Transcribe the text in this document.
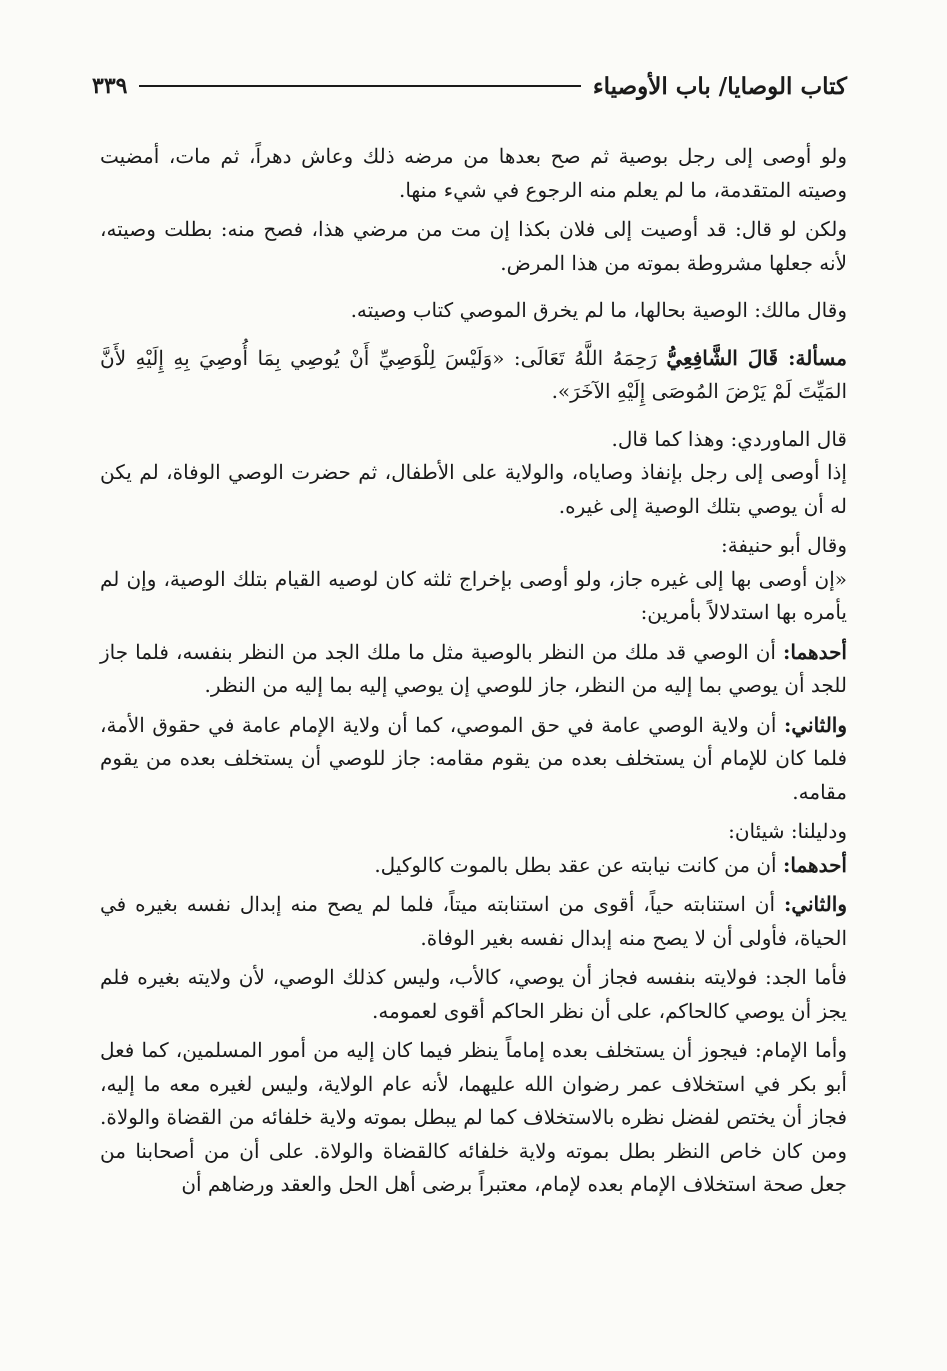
كتاب الوصايا/ باب الأوصياء
٣٣٩

ولو أوصى إلى رجل بوصية ثم صح بعدها من مرضه ذلك وعاش دهراً، ثم مات، أمضيت وصيته المتقدمة، ما لم يعلم منه الرجوع في شيء منها.

ولكن لو قال: قد أوصيت إلى فلان بكذا إن مت من مرضي هذا، فصح منه: بطلت وصيته، لأنه جعلها مشروطة بموته من هذا المرض.

وقال مالك: الوصية بحالها، ما لم يخرق الموصي كتاب وصيته.

مسألة: قَالَ الشَّافِعِيُّ رَحِمَهُ اللَّهُ تَعَالَى: «وَلَيْسَ لِلْوَصِيِّ أَنْ يُوصِي بِمَا أُوصِيَ بِهِ إِلَيْهِ لأَنَّ المَيِّتَ لَمْ يَرْضَ المُوصَى إِلَيْهِ الآخَرَ».

قال الماوردي: وهذا كما قال.

إذا أوصى إلى رجل بإنفاذ وصاياه، والولاية على الأطفال، ثم حضرت الوصي الوفاة، لم يكن له أن يوصي بتلك الوصية إلى غيره.

وقال أبو حنيفة:

«إن أوصى بها إلى غيره جاز، ولو أوصى بإخراج ثلثه كان لوصيه القيام بتلك الوصية، وإن لم يأمره بها استدلالاً بأمرين:

أحدهما: أن الوصي قد ملك من النظر بالوصية مثل ما ملك الجد من النظر بنفسه، فلما جاز للجد أن يوصي بما إليه من النظر، جاز للوصي إن يوصي إليه بما إليه من النظر.

والثاني: أن ولاية الوصي عامة في حق الموصي، كما أن ولاية الإمام عامة في حقوق الأمة، فلما كان للإمام أن يستخلف بعده من يقوم مقامه: جاز للوصي أن يستخلف بعده من يقوم مقامه.

ودليلنا: شيئان:

أحدهما: أن من كانت نيابته عن عقد بطل بالموت كالوكيل.

والثاني: أن استنابته حياً، أقوى من استنابته ميتاً، فلما لم يصح منه إبدال نفسه بغيره في الحياة، فأولى أن لا يصح منه إبدال نفسه بغير الوفاة.

فأما الجد: فولايته بنفسه فجاز أن يوصي، كالأب، وليس كذلك الوصي، لأن ولايته بغيره فلم يجز أن يوصي كالحاكم، على أن نظر الحاكم أقوى لعمومه.

وأما الإمام: فيجوز أن يستخلف بعده إماماً ينظر فيما كان إليه من أمور المسلمين، كما فعل أبو بكر في استخلاف عمر رضوان الله عليهما، لأنه عام الولاية، وليس لغيره معه ما إليه، فجاز أن يختص لفضل نظره بالاستخلاف كما لم يبطل بموته ولاية خلفائه من القضاة والولاة. ومن كان خاص النظر بطل بموته ولاية خلفائه كالقضاة والولاة. على أن من أصحابنا من جعل صحة استخلاف الإمام بعده لإمام، معتبراً برضى أهل الحل والعقد ورضاهم أن
